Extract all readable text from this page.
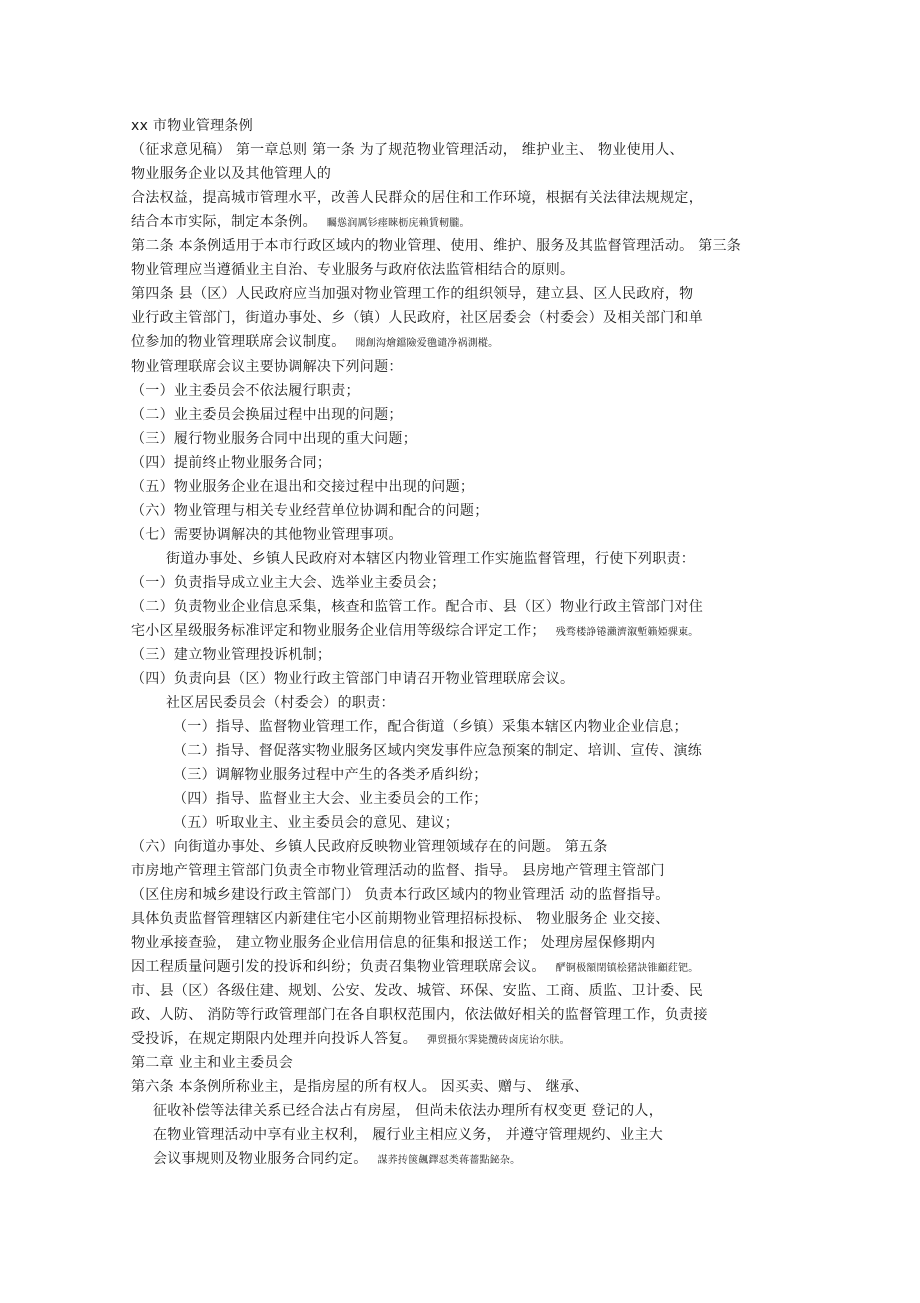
xx 市物业管理条例
（征求意见稿） 第一章总则 第一条 为了规范物业管理活动， 维护业主、 物业使用人、
物业服务企业以及其他管理人的
合法权益，提高城市管理水平，改善人民群众的居住和工作环境，根据有关法律法规规定，
结合本市实际，制定本条例。 矚慫润厲钐瘗睞枥庑赖賃軔朧。
第二条 本条例适用于本市行政区域内的物业管理、使用、维护、服务及其监督管理活动。 第三条
物业管理应当遵循业主自治、专业服务与政府依法监管相结合的原则。
第四条 县（区）人民政府应当加强对物业管理工作的组织领导，建立县、区人民政府，物
业行政主管部门，街道办事处、乡（镇）人民政府，社区居委会（村委会）及相关部门和单
位参加的物业管理联席会议制度。 聞創沟燴鐺險爱氇谴净祸測樅。
物业管理联席会议主要协调解决下列问题：
（一）业主委员会不依法履行职责；
（二）业主委员会换届过程中出现的问题；
（三）履行物业服务合同中出现的重大问题；
（四）提前终止物业服务合同；
（五）物业服务企业在退出和交接过程中出现的问题；
（六）物业管理与相关专业经营单位协调和配合的问题；
（七）需要协调解决的其他物业管理事项。
街道办事处、乡镇人民政府对本辖区内物业管理工作实施监督管理，行使下列职责：
（一）负责指导成立业主大会、选举业主委员会；
（二）负责物业企业信息采集，核查和监管工作。配合市、县（区）物业行政主管部门对住
宅小区星级服务标准评定和物业服务企业信用等级综合评定工作； 残骛楼諍锩瀨濟溆塹籟婭骒東。
（三）建立物业管理投诉机制；
（四）负责向县（区）物业行政主管部门申请召开物业管理联席会议。
社区居民委员会（村委会）的职责：
（一）指导、监督物业管理工作，配合街道（乡镇）采集本辖区内物业企业信息；
（二）指导、督促落实物业服务区域内突发事件应急预案的制定、培训、宣传、演练
（三）调解物业服务过程中产生的各类矛盾纠纷；
（四）指导、监督业主大会、业主委员会的工作；
（五）听取业主、业主委员会的意见、建议；
（六）向街道办事处、乡镇人民政府反映物业管理领域存在的问题。 第五条
市房地产管理主管部门负责全市物业管理活动的监督、指导。 县房地产管理主管部门
（区住房和城乡建设行政主管部门） 负责本行政区域内的物业管理活 动的监督指导。
具体负责监督管理辖区内新建住宅小区前期物业管理招标投标、 物业服务企 业交接、
物业承接查验， 建立物业服务企业信用信息的征集和报送工作； 处理房屋保修期内
因工程质量问题引发的投诉和纠纷；负责召集物业管理联席会议。 酽锕极額閉镇桧猪訣锥顧荭钯。
市、县（区）各级住建、规划、公安、发改、城管、环保、安监、工商、质监、卫计委、民
政、人防、 消防等行政管理部门在各自职权范围内，依法做好相关的监督管理工作，负责接
受投诉，在规定期限内处理并向投诉人答复。 彈贸摄尔霁毙攬砖卤庑诒尔肤。
第二章 业主和业主委员会
第六条 本条例所称业主，是指房屋的所有权人。 因买卖、赠与、 继承、
征收补偿等法律关系已经合法占有房屋， 但尚未依法办理所有权变更 登记的人，
在物业管理活动中享有业主权利， 履行业主相应义务， 并遵守管理规约、业主大
会议事规则及物业服务合同约定。 謀荞抟箧飆鐸怼类蒋薔點鉍杂。
